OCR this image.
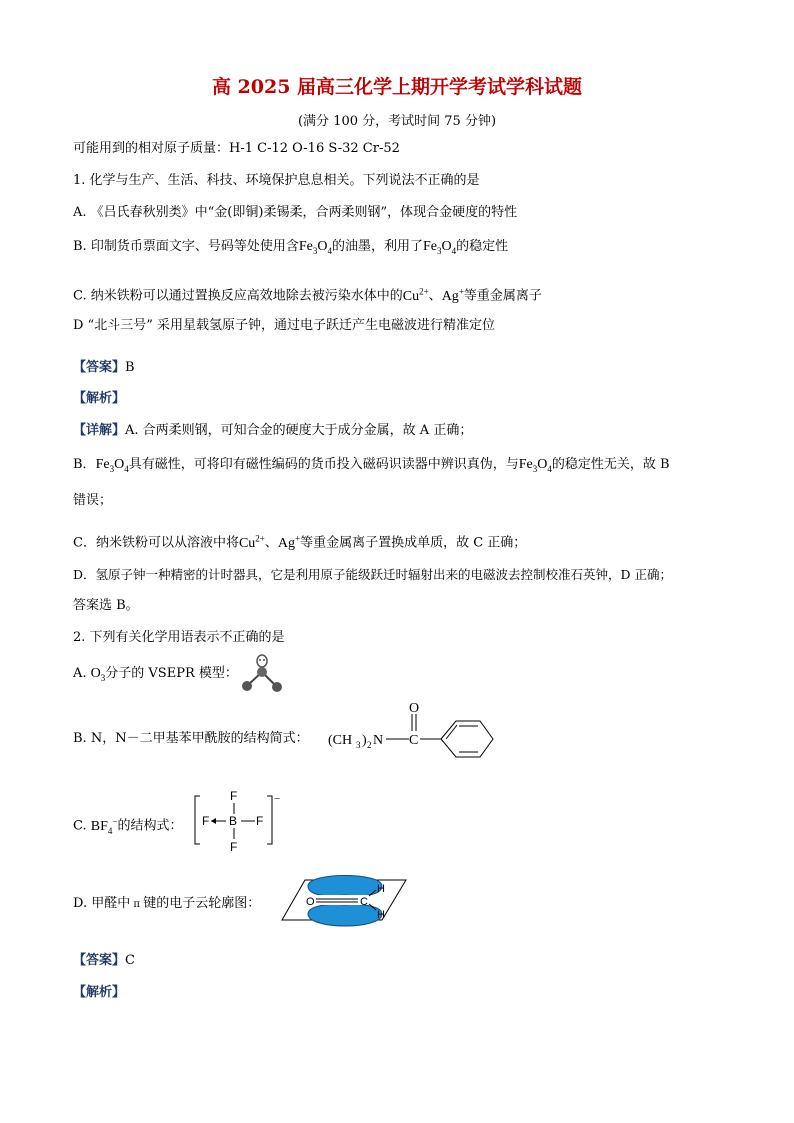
高 2025 届高三化学上期开学考试学科试题
(满分 100 分，考试时间 75 分钟)
可能用到的相对原子质量：H-1 C-12 O-16 S-32 Cr-52
1. 化学与生产、生活、科技、环境保护息息相关。下列说法不正确的是
A. 《吕氏春秋别类》中“金(即铜)柔锡柔，合两柔则钢”，体现合金硬度的特性
B. 印制货币票面文字、号码等处使用含$Fe_3O_4$的油墨，利用了$Fe_3O_4$的稳定性
C. 纳米铁粉可以通过置换反应高效地除去被污染水体中的$Cu^{2+}$、Ag+等重金属离子
D “北斗三号” 采用星载氢原子钟，通过电子跃迁产生电磁波进行精准定位
【答案】B
【解析】
【详解】A. 合两柔则钢，可知合金的硬度大于成分金属，故 A 正确；
B．$Fe_3O_4$具有磁性，可将印有磁性编码的货币投入磁码识读器中辨识真伪，与$Fe_3O_4$的稳定性无关，故 B
错误；
C．纳米铁粉可以从溶液中将$Cu^{2+}$、Ag+等重金属离子置换成单质，故 C 正确；
D．氢原子钟一种精密的计时器具，它是利用原子能级跃迁时辐射出来的电磁波去控制校准石英钟，D 正确；
答案选 B。
2. 下列有关化学用语表示不正确的是
A. $O_3$分子的 VSEPR 模型：
B. N，N－二甲基苯甲酰胺的结构简式： (CH 3 ) 2 N C
O
C. $BF_4^-$的结构式：
−
F
B
F
F	F
D. 甲醛中 π 键的电子云轮廓图：	O	C
H
H
【答案】C
【解析】
